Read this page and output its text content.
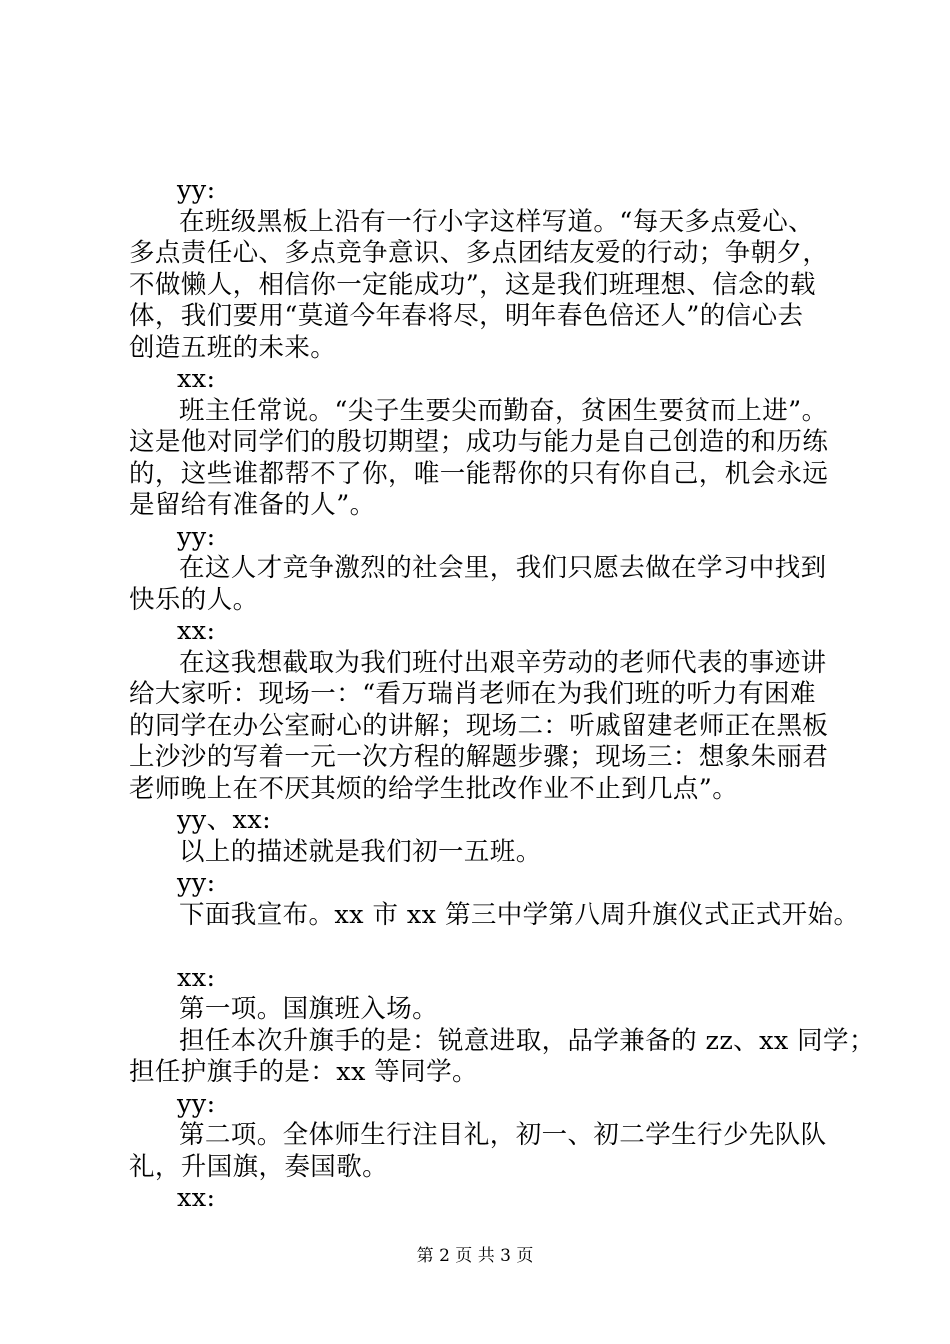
yy:
在班级黑板上沿有一行小字这样写道。“每天多点爱心、
多点责任心、多点竞争意识、多点团结友爱的行动；争朝夕，
不做懒人，相信你一定能成功”，这是我们班理想、信念的载
体，我们要用“莫道今年春将尽，明年春色倍还人”的信心去
创造五班的未来。
xx:
班主任常说。“尖子生要尖而勤奋，贫困生要贫而上进”。
这是他对同学们的殷切期望；成功与能力是自己创造的和历练
的，这些谁都帮不了你，唯一能帮你的只有你自己，机会永远
是留给有准备的人”。
yy:
在这人才竞争激烈的社会里，我们只愿去做在学习中找到
快乐的人。
xx:
在这我想截取为我们班付出艰辛劳动的老师代表的事迹讲
给大家听：现场一：“看万瑞肖老师在为我们班的听力有困难
的同学在办公室耐心的讲解；现场二：听戚留建老师正在黑板
上沙沙的写着一元一次方程的解题步骤；现场三：想象朱丽君
老师晚上在不厌其烦的给学生批改作业不止到几点”。
yy、xx:
以上的描述就是我们初一五班。
yy:
下面我宣布。xx 市 xx 第三中学第八周升旗仪式正式开始。
xx:
第一项。国旗班入场。
担任本次升旗手的是：锐意进取，品学兼备的 zz、xx 同学；
担任护旗手的是：xx 等同学。
yy:
第二项。全体师生行注目礼，初一、初二学生行少先队队
礼，升国旗，奏国歌。
xx:
第 2 页 共 3 页
